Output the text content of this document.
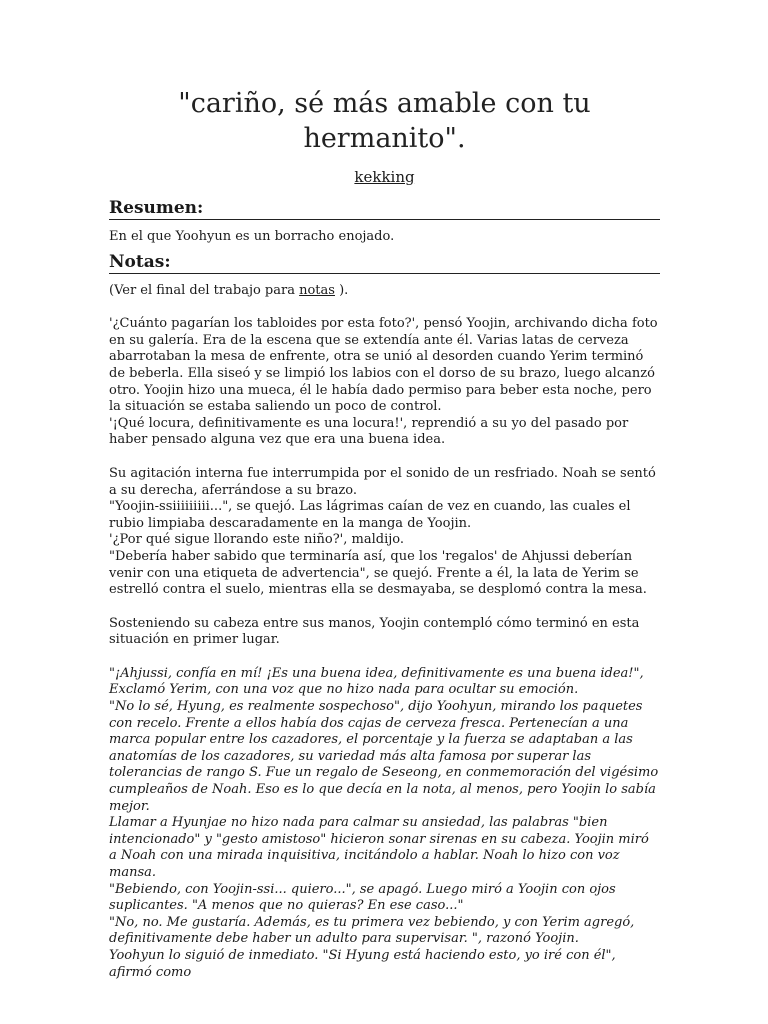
"cariño, sé más amable con tu hermanito".
kekking
Resumen:

En el que Yoohyun es un borracho enojado.

Notas:

(Ver el final del trabajo para notas ).

'¿Cuánto pagarían los tabloides por esta foto?', pensó Yoojin, archivando dicha foto en su galería. Era de la escena que se extendía ante él. Varias latas de cerveza abarrotaban la mesa de enfrente, otra se unió al desorden cuando Yerim terminó de beberla. Ella siseó y se limpió los labios con el dorso de su brazo, luego alcanzó otro. Yoojin hizo una mueca, él le había dado permiso para beber esta noche, pero la situación se estaba saliendo un poco de control.

'¡Qué locura, definitivamente es una locura!', reprendió a su yo del pasado por haber pensado alguna vez que era una buena idea.

Su agitación interna fue interrumpida por el sonido de un resfriado. Noah se sentó a su derecha, aferrándose a su brazo.

"Yoojin-ssiiiiiiiii...", se quejó. Las lágrimas caían de vez en cuando, las cuales el rubio limpiaba descaradamente en la manga de Yoojin.

'¿Por qué sigue llorando este niño?', maldijo.

"Debería haber sabido que terminaría así, que los 'regalos' de Ahjussi deberían venir con una etiqueta de advertencia", se quejó. Frente a él, la lata de Yerim se estrelló contra el suelo, mientras ella se desmayaba, se desplomó contra la mesa.

Sosteniendo su cabeza entre sus manos, Yoojin contempló cómo terminó en esta situación en primer lugar.

"¡Ahjussi, confía en mí! ¡Es una buena idea, definitivamente es una buena idea!", Exclamó Yerim, con una voz que no hizo nada para ocultar su emoción.

"No lo sé, Hyung, es realmente sospechoso", dijo Yoohyun, mirando los paquetes con recelo. Frente a ellos había dos cajas de cerveza fresca. Pertenecían a una marca popular entre los cazadores, el porcentaje y la fuerza se adaptaban a las anatomías de los cazadores, su variedad más alta famosa por superar las tolerancias de rango S. Fue un regalo de Seseong, en conmemoración del vigésimo cumpleaños de Noah. Eso es lo que decía en la nota, al menos, pero Yoojin lo sabía mejor.

Llamar a Hyunjae no hizo nada para calmar su ansiedad, las palabras "bien intencionado" y "gesto amistoso" hicieron sonar sirenas en su cabeza. Yoojin miró a Noah con una mirada inquisitiva, incitándolo a hablar. Noah lo hizo con voz mansa.

"Bebiendo, con Yoojin-ssi... quiero...", se apagó. Luego miró a Yoojin con ojos suplicantes. "A menos que no quieras? En ese caso..."

"No, no. Me gustaría. Además, es tu primera vez bebiendo, y con Yerim agregó, definitivamente debe haber un adulto para supervisar. ", razonó Yoojin.

Yoohyun lo siguió de inmediato. "Si Hyung está haciendo esto, yo iré con él", afirmó como
